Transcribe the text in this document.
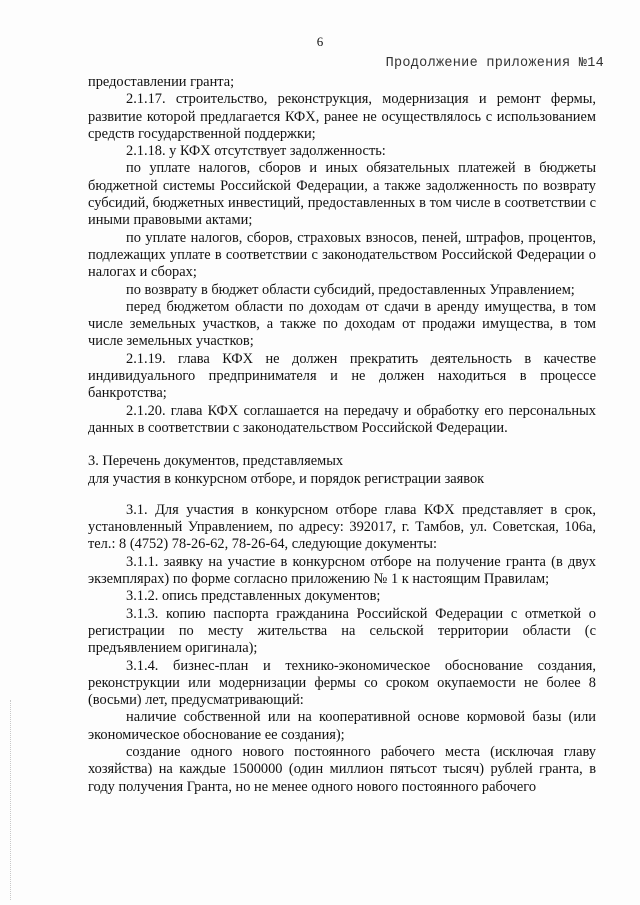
6
Продолжение приложения №14

предоставлении гранта;

2.1.17. строительство, реконструкция, модернизация и ремонт фермы, развитие которой предлагается КФХ, ранее не осуществлялось с использованием средств государственной поддержки;

2.1.18. у КФХ отсутствует задолженность:

по уплате налогов, сборов и иных обязательных платежей в бюджеты бюджетной системы Российской Федерации, а также задолженность по возврату субсидий, бюджетных инвестиций, предоставленных в том числе в соответствии с иными правовыми актами;

по уплате налогов, сборов, страховых взносов, пеней, штрафов, процентов, подлежащих уплате в соответствии с законодательством Российской Федерации о налогах и сборах;

по возврату в бюджет области субсидий, предоставленных Управлением;

перед бюджетом области по доходам от сдачи в аренду имущества, в том числе земельных участков, а также по доходам от продажи имущества, в том числе земельных участков;

2.1.19. глава КФХ не должен прекратить деятельность в качестве индивидуального предпринимателя и не должен находиться в процессе банкротства;

2.1.20. глава КФХ соглашается на передачу и обработку его персональных данных в соответствии с законодательством Российской Федерации.

3. Перечень документов, представляемых

для участия в конкурсном отборе, и порядок регистрации заявок

3.1. Для участия в конкурсном отборе глава КФХ представляет в срок, установленный Управлением, по адресу: 392017, г. Тамбов, ул. Советская, 106а, тел.: 8 (4752) 78-26-62, 78-26-64, следующие документы:

3.1.1. заявку на участие в конкурсном отборе на получение гранта (в двух экземплярах) по форме согласно приложению № 1 к настоящим Правилам;

3.1.2. опись представленных документов;

3.1.3. копию паспорта гражданина Российской Федерации с отметкой о регистрации по месту жительства на сельской территории области (с предъявлением оригинала);

3.1.4. бизнес-план и технико-экономическое обоснование создания, реконструкции или модернизации фермы со сроком окупаемости не более 8 (восьми) лет, предусматривающий:

наличие собственной или на кооперативной основе кормовой базы (или экономическое обоснование ее создания);

создание одного нового постоянного рабочего места (исключая главу хозяйства) на каждые 1500000 (один миллион пятьсот тысяч) рублей гранта, в году получения Гранта, но не менее одного нового постоянного рабочего
